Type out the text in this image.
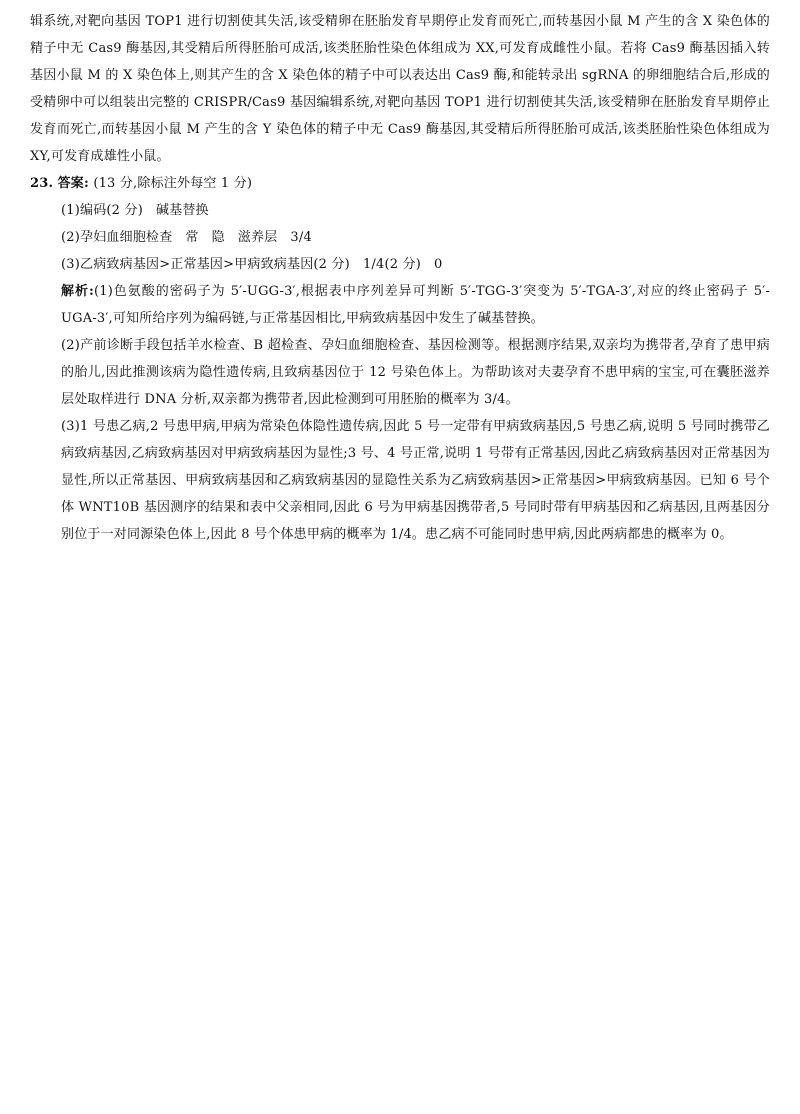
辑系统,对靶向基因 TOP1 进行切割使其失活,该受精卵在胚胎发育早期停止发育而死亡,而转基因小鼠 M 产生的含 X 染色体的精子中无 Cas9 酶基因,其受精后所得胚胎可成活,该类胚胎性染色体组成为 XX,可发育成雌性小鼠。若将 Cas9 酶基因插入转基因小鼠 M 的 X 染色体上,则其产生的含 X 染色体的精子中可以表达出 Cas9 酶,和能转录出 sgRNA 的卵细胞结合后,形成的受精卵中可以组装出完整的 CRISPR/Cas9 基因编辑系统,对靶向基因 TOP1 进行切割使其失活,该受精卵在胚胎发育早期停止发育而死亡,而转基因小鼠 M 产生的含 Y 染色体的精子中无 Cas9 酶基因,其受精后所得胚胎可成活,该类胚胎性染色体组成为 XY,可发育成雄性小鼠。

23. 答案: (13 分,除标注外每空 1 分)

(1)编码(2 分)   碱基替换

(2)孕妇血细胞检查   常   隐   滋养层   3/4

(3)乙病致病基因>正常基因>甲病致病基因(2 分)   1/4(2 分)   0

解析:(1)色氨酸的密码子为 5′-UGG-3′,根据表中序列差异可判断 5′-TGG-3′突变为 5′-TGA-3′,对应的终止密码子 5′-UGA-3′,可知所给序列为编码链,与正常基因相比,甲病致病基因中发生了碱基替换。

(2)产前诊断手段包括羊水检查、B 超检查、孕妇血细胞检查、基因检测等。根据测序结果,双亲均为携带者,孕育了患甲病的胎儿,因此推测该病为隐性遗传病,且致病基因位于 12 号染色体上。为帮助该对夫妻孕育不患甲病的宝宝,可在囊胚滋养层处取样进行 DNA 分析,双亲都为携带者,因此检测到可用胚胎的概率为 3/4。

(3)1 号患乙病,2 号患甲病,甲病为常染色体隐性遗传病,因此 5 号一定带有甲病致病基因,5 号患乙病,说明 5 号同时携带乙病致病基因,乙病致病基因对甲病致病基因为显性;3 号、4 号正常,说明 1 号带有正常基因,因此乙病致病基因对正常基因为显性,所以正常基因、甲病致病基因和乙病致病基因的显隐性关系为乙病致病基因>正常基因>甲病致病基因。已知 6 号个体 WNT10B 基因测序的结果和表中父亲相同,因此 6 号为甲病基因携带者,5 号同时带有甲病基因和乙病基因,且两基因分别位于一对同源染色体上,因此 8 号个体患甲病的概率为 1/4。患乙病不可能同时患甲病,因此两病都患的概率为 0。
